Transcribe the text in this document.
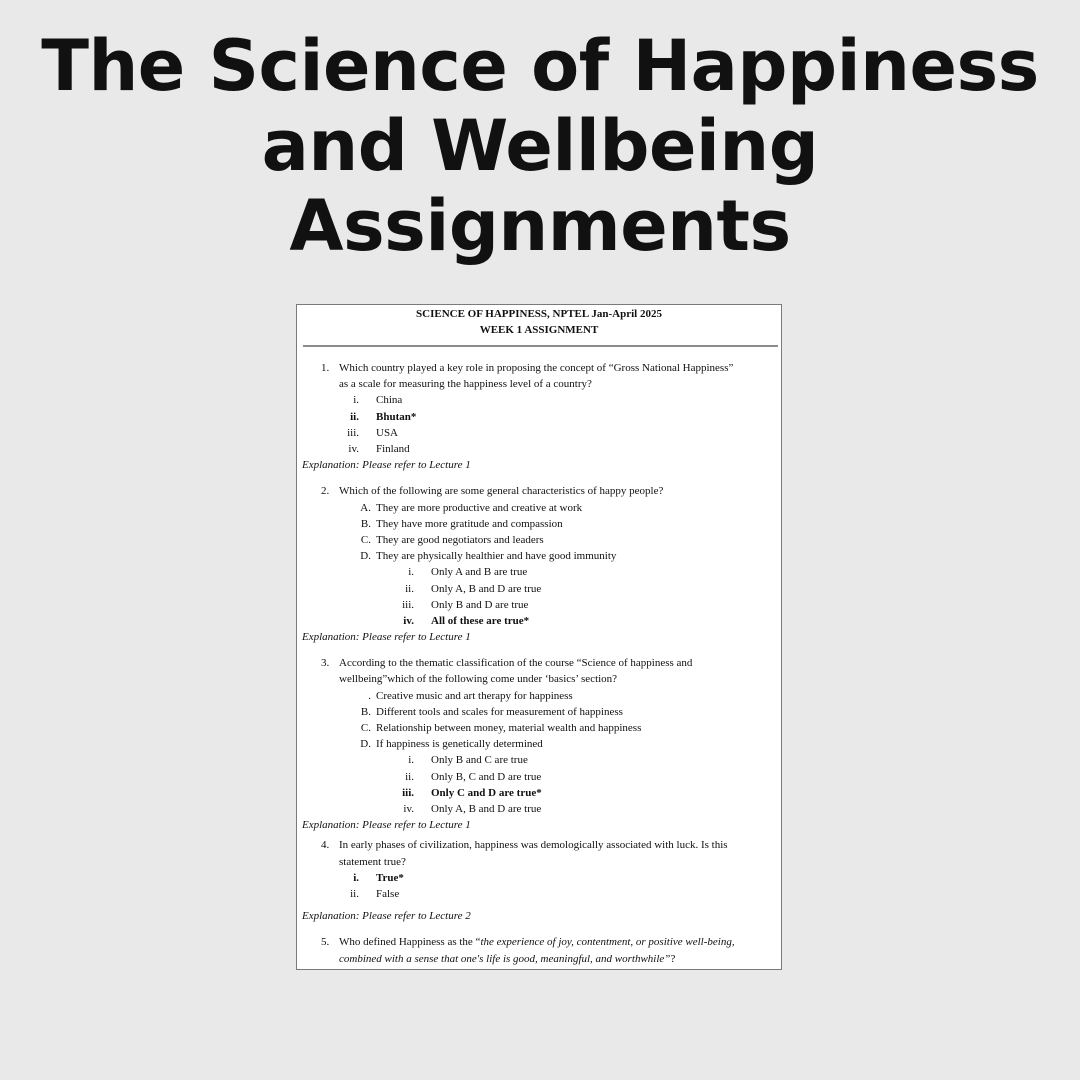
The Science of Happiness
and Wellbeing Assignments
SCIENCE OF HAPPINESS, NPTEL Jan-April 2025
WEEK 1 ASSIGNMENT
1. Which country played a key role in proposing the concept of “Gross National Happiness”
as a scale for measuring the happiness level of a country?
i. China
ii. Bhutan*
iii. USA
iv. Finland
Explanation: Please refer to Lecture 1
2. Which of the following are some general characteristics of happy people?
A. They are more productive and creative at work
B. They have more gratitude and compassion
C. They are good negotiators and leaders
D. They are physically healthier and have good immunity
i. Only A and B are true
ii. Only A, B and D are true
iii. Only B and D are true
iv. All of these are true*
Explanation: Please refer to Lecture 1
3. According to the thematic classification of the course “Science of happiness and
wellbeing”which of the following come under ‘basics’ section?
. Creative music and art therapy for happiness
B. Different tools and scales for measurement of happiness
C. Relationship between money, material wealth and happiness
D. If happiness is genetically determined
i. Only B and C are true
ii. Only B, C and D are true
iii. Only C and D are true*
iv. Only A, B and D are true
Explanation: Please refer to Lecture 1
4. In early phases of civilization, happiness was demologically associated with luck. Is this
statement true?
i. True*
ii. False
Explanation: Please refer to Lecture 2
5. Who defined Happiness as the “the experience of joy, contentment, or positive well-being,
combined with a sense that one's life is good, meaningful, and worthwhile”?
